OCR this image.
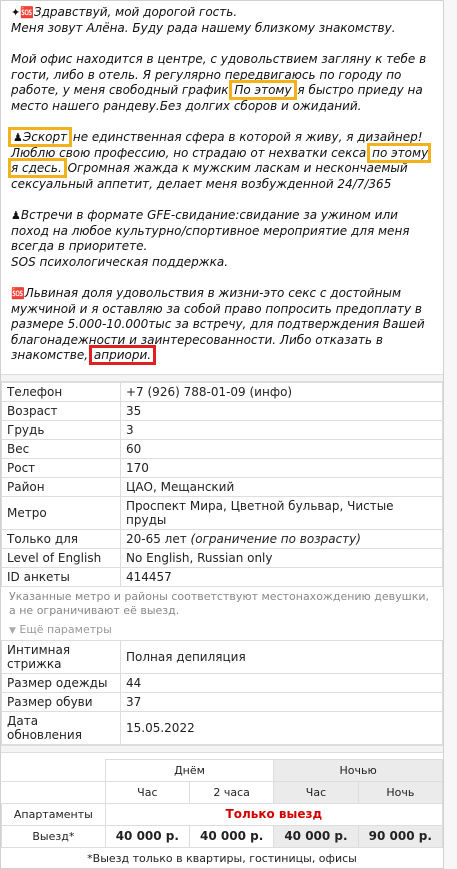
✦🆘Здравствуй, мой дорогой гость.
Меня зовут Алёна. Буду рада нашему близкому знакомству.

Мой офис находится в центре, с удовольствием загляну к тебе в гости, либо в отель. Я регулярно передвигаюсь по городу по работе, у меня свободный график По этому я быстро приеду на место нашего рандеву.Без долгих сборов и ожиданий.

♟Эскорт не единственная сфера в которой я живу, я дизайнер!Люблю свою профессию, но страдаю от нехватки секса по этому я сдесь. Огромная жажда к мужским ласкам и нескончаемый сексуальный аппетит, делает меня возбужденной 24/7/365

♟Встречи в формате GFE-свидание:свидание за ужином или поход на любое культурно/спортивное мероприятие для меня всегда в приоритете.
SOS психологическая поддержка.

🆘Львиная доля удовольствия в жизни-это секс с достойным мужчиной и я оставляю за собой право попросить предоплату в размере 5.000-10.000тыс за встречу, для подтверждения Вашей благонадежности и заинтересованности. Либо отказать в знакомстве, априори.

Телефон	+7 (926) 788-01-09 (инфо)
Возраст	35
Грудь	3
Вес	60
Рост	170
Район	ЦАО, Мещанский
Метро	Проспект Мира, Цветной бульвар, Чистые пруды
Только для	20-65 лет (ограничение по возрасту)
Level of English	No English, Russian only
ID анкеты	414457
Указанные метро и районы соответствуют местонахождению девушки, а не ограничивают её выезд.
▼ Ещё параметры
Интимная стрижка	Полная депиляция
Размер одежды	44
Размер обуви	37
Дата обновления	15.05.2022
	Днём		Ночью	
	Час	2 часа	Час	Ночь
Апартаменты	Только выезд			
Выезд*	40 000 р.	40 000 р.	40 000 р.	90 000 р.
*Выезд только в квартиры, гостиницы, офисы
